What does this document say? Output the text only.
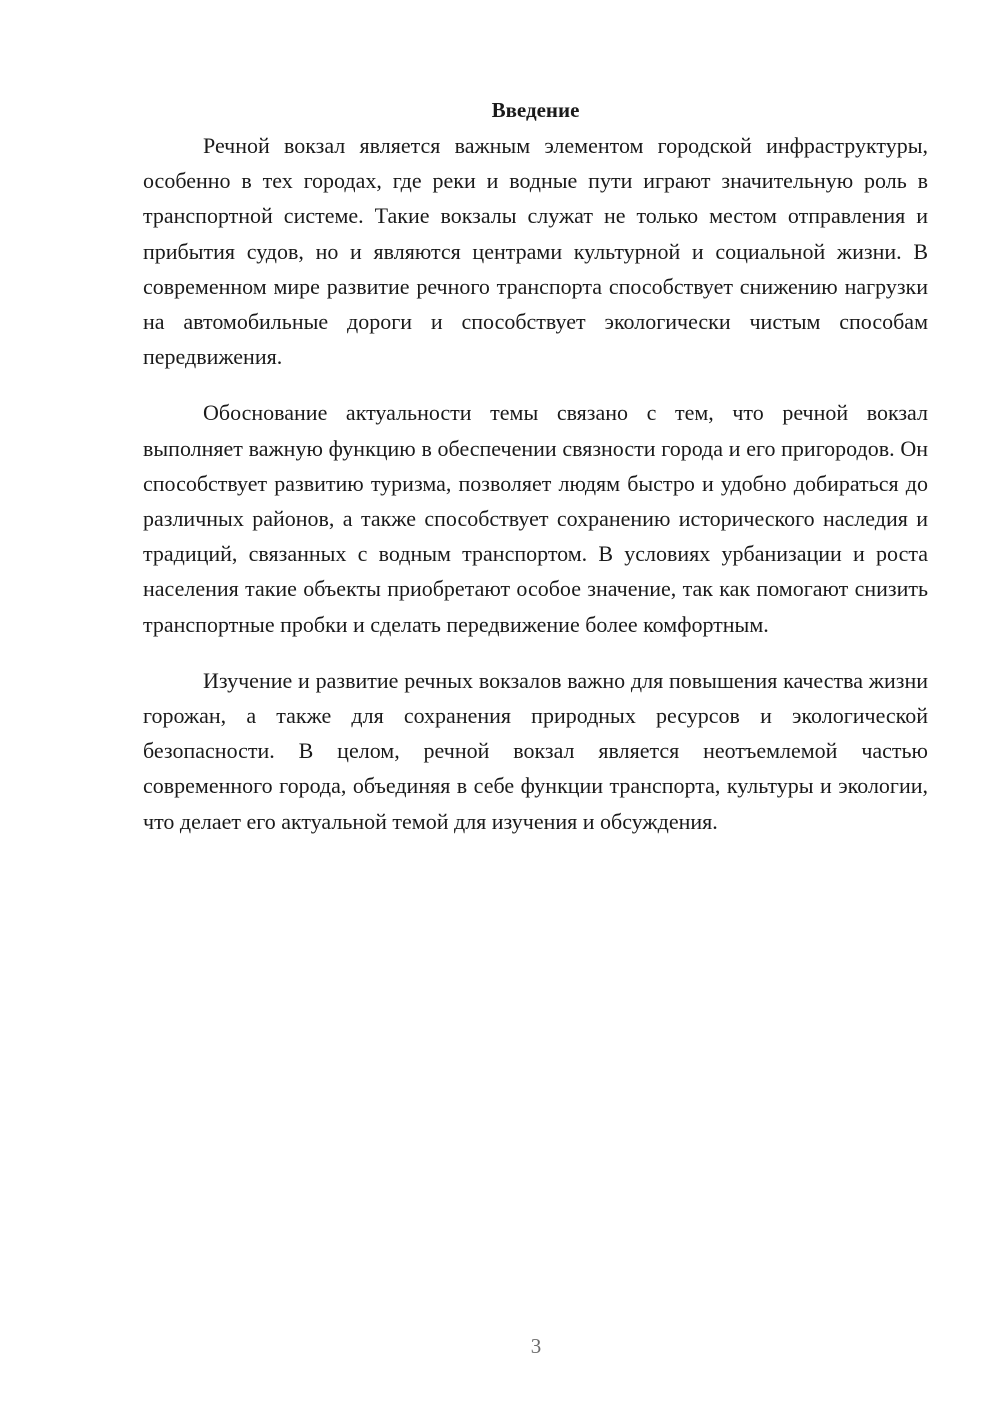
Введение

Речной вокзал является важным элементом городской инфраструктуры, особенно в тех городах, где реки и водные пути играют значительную роль в транспортной системе. Такие вокзалы служат не только местом отправления и прибытия судов, но и являются центрами культурной и социальной жизни. В современном мире развитие речного транспорта способствует снижению нагрузки на автомобильные дороги и способствует экологически чистым способам передвижения.

Обоснование актуальности темы связано с тем, что речной вокзал выполняет важную функцию в обеспечении связности города и его пригородов. Он способствует развитию туризма, позволяет людям быстро и удобно добираться до различных районов, а также способствует сохранению исторического наследия и традиций, связанных с водным транспортом. В условиях урбанизации и роста населения такие объекты приобретают особое значение, так как помогают снизить транспортные пробки и сделать передвижение более комфортным.

Изучение и развитие речных вокзалов важно для повышения качества жизни горожан, а также для сохранения природных ресурсов и экологической безопасности. В целом, речной вокзал является неотъемлемой частью современного города, объединяя в себе функции транспорта, культуры и экологии, что делает его актуальной темой для изучения и обсуждения.

3
